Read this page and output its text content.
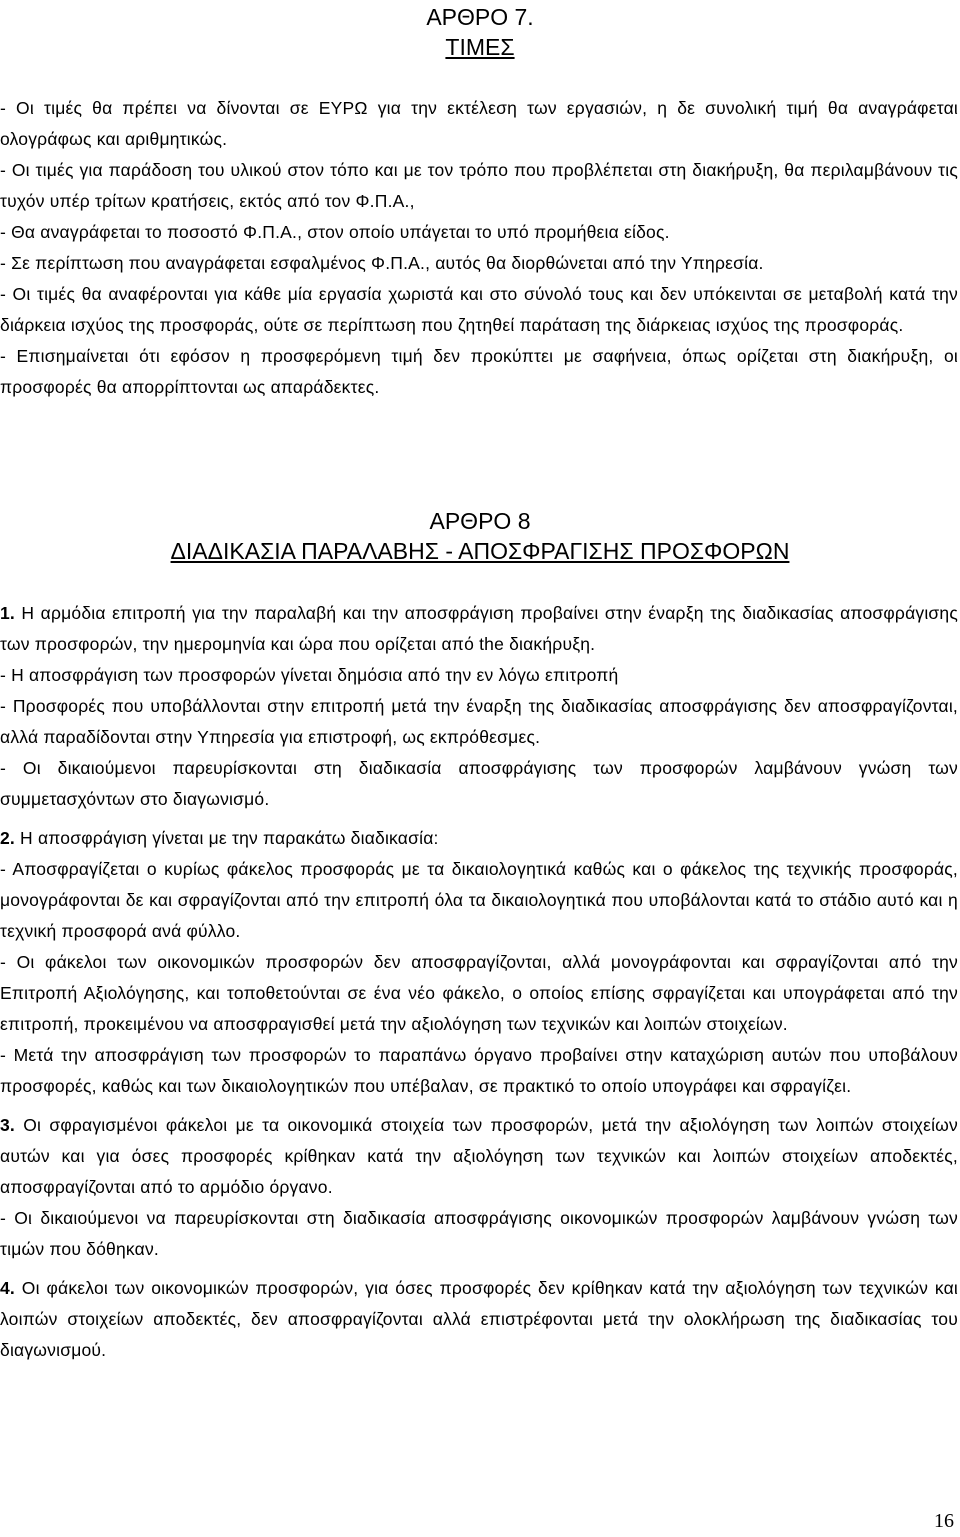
ΑΡΘΡΟ 7.
ΤΙΜΕΣ

- Οι τιμές θα πρέπει να δίνονται σε ΕΥΡΩ για την εκτέλεση των εργασιών, η δε συνολική τιμή θα αναγράφεται ολογράφως και αριθμητικώς.

- Οι τιμές για παράδοση του υλικού στον τόπο και με τον τρόπο που προβλέπεται στη διακήρυξη, θα περιλαμβάνουν τις τυχόν υπέρ τρίτων κρατήσεις, εκτός από τον Φ.Π.Α.,

- Θα αναγράφεται το ποσοστό Φ.Π.Α., στον οποίο υπάγεται το υπό προμήθεια είδος.

- Σε περίπτωση που αναγράφεται εσφαλμένος Φ.Π.Α., αυτός θα διορθώνεται από την Υπηρεσία.

- Οι τιμές θα αναφέρονται για κάθε μία εργασία χωριστά και στο σύνολό τους και δεν υπόκεινται σε μεταβολή κατά την διάρκεια ισχύος της προσφοράς, ούτε σε περίπτωση που ζητηθεί παράταση της διάρκειας ισχύος της προσφοράς.

- Επισημαίνεται ότι εφόσον η προσφερόμενη τιμή δεν προκύπτει με σαφήνεια, όπως ορίζεται στη διακήρυξη, οι προσφορές θα απορρίπτονται ως απαράδεκτες.

ΑΡΘΡΟ 8
ΔΙΑΔΙΚΑΣΙΑ ΠΑΡΑΛΑΒΗΣ - ΑΠΟΣΦΡΑΓΙΣΗΣ ΠΡΟΣΦΟΡΩΝ

1. Η αρμόδια επιτροπή για την παραλαβή και την αποσφράγιση προβαίνει στην έναρξη της διαδικασίας αποσφράγισης των προσφορών, την ημερομηνία και ώρα που ορίζεται από the διακήρυξη.

- Η αποσφράγιση των προσφορών γίνεται δημόσια από την εν λόγω επιτροπή

- Προσφορές που υποβάλλονται στην επιτροπή μετά την έναρξη της διαδικασίας αποσφράγισης δεν αποσφραγίζονται, αλλά παραδίδονται στην Υπηρεσία για επιστροφή, ως εκπρόθεσμες.

- Οι δικαιούμενοι παρευρίσκονται στη διαδικασία αποσφράγισης των προσφορών λαμβάνουν γνώση των συμμετασχόντων στο διαγωνισμό.

2. Η αποσφράγιση γίνεται με την παρακάτω διαδικασία:

- Αποσφραγίζεται ο κυρίως φάκελος προσφοράς με τα δικαιολογητικά καθώς και ο φάκελος της τεχνικής προσφοράς, μονογράφονται δε και σφραγίζονται από την επιτροπή όλα τα δικαιολογητικά που υποβάλονται κατά το στάδιο αυτό και η τεχνική προσφορά ανά φύλλο.

- Οι φάκελοι των οικονομικών προσφορών δεν αποσφραγίζονται, αλλά μονογράφονται και σφραγίζονται από την Επιτροπή Αξιολόγησης, και τοποθετούνται σε ένα νέο φάκελο, ο οποίος επίσης σφραγίζεται και υπογράφεται από την επιτροπή, προκειμένου να αποσφραγισθεί μετά την αξιολόγηση των τεχνικών και λοιπών στοιχείων.

- Μετά την αποσφράγιση των προσφορών το παραπάνω όργανο προβαίνει στην καταχώριση αυτών που υποβάλουν προσφορές, καθώς και των δικαιολογητικών που υπέβαλαν, σε πρακτικό το οποίο υπογράφει και σφραγίζει.

3. Οι σφραγισμένοι φάκελοι με τα οικονομικά στοιχεία των προσφορών, μετά την αξιολόγηση των λοιπών στοιχείων αυτών και για όσες προσφορές κρίθηκαν κατά την αξιολόγηση των τεχνικών και λοιπών στοιχείων αποδεκτές, αποσφραγίζονται από το αρμόδιο όργανο.

- Οι δικαιούμενοι να παρευρίσκονται στη διαδικασία αποσφράγισης οικονομικών προσφορών λαμβάνουν γνώση των τιμών που δόθηκαν.

4. Οι φάκελοι των οικονομικών προσφορών, για όσες προσφορές δεν κρίθηκαν κατά την αξιολόγηση των τεχνικών και λοιπών στοιχείων αποδεκτές, δεν αποσφραγίζονται αλλά επιστρέφονται μετά την ολοκλήρωση της διαδικασίας του διαγωνισμού.

16
